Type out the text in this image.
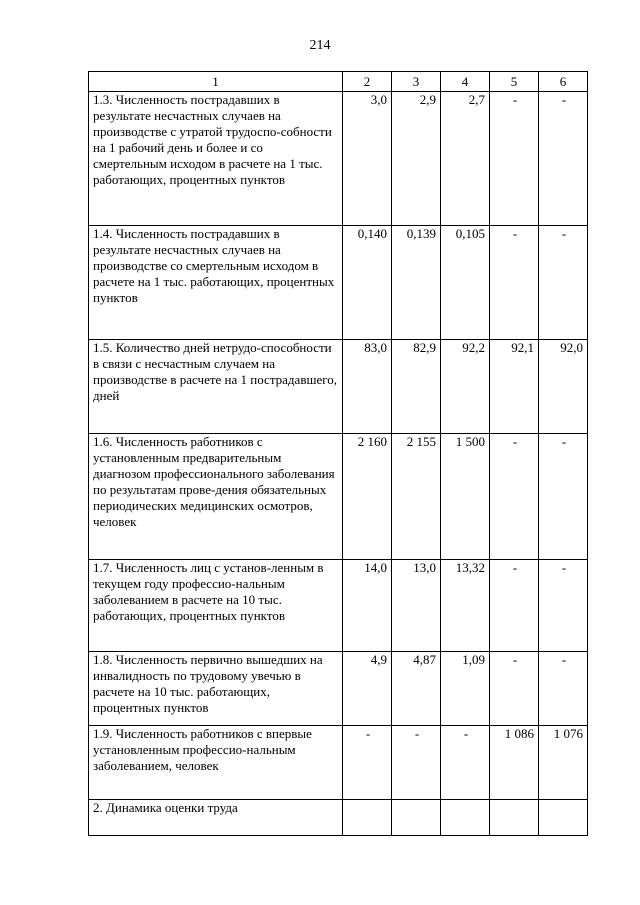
214
1	2	3	4	5	6
1.3. Численность пострадавших в результате несчастных случаев на производстве с утратой трудоспо-собности на 1 рабочий день и более и со смертельным исходом в расчете на 1 тыс. работающих, процентных пунктов	3,0	2,9	2,7	-	-
1.4. Численность пострадавших в результате несчастных случаев на производстве со смертельным исходом в расчете на 1 тыс. работающих, процентных пунктов	0,140	0,139	0,105	-	-
1.5. Количество дней нетрудо-способности в связи с несчастным случаем на производстве в расчете на 1 пострадавшего, дней	83,0	82,9	92,2	92,1	92,0
1.6. Численность работников с установленным предварительным диагнозом профессионального заболевания по результатам прове-дения обязательных периодических медицинских осмотров, человек	2 160	2 155	1 500	-	-
1.7. Численность лиц с установ-ленным в текущем году профессио-нальным заболеванием в расчете на 10 тыс. работающих, процентных пунктов	14,0	13,0	13,32	-	-
1.8. Численность первично вышедших на инвалидность по трудовому увечью в расчете на 10 тыс. работающих, процентных пунктов	4,9	4,87	1,09	-	-
1.9. Численность работников с впервые установленным профессио-нальным заболеванием, человек	-	-	-	1 086	1 076
2. Динамика оценки труда					
